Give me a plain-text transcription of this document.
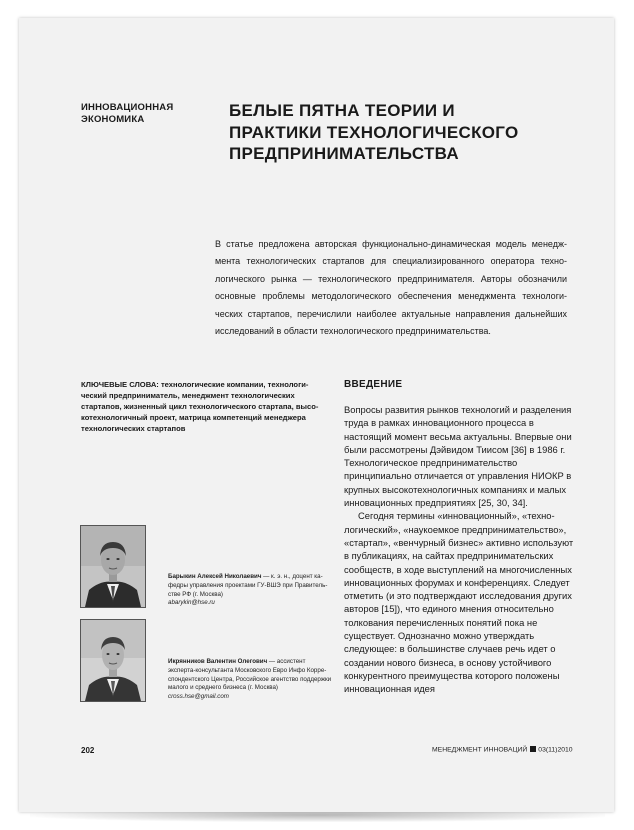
ИННОВАЦИОННАЯ
ЭКОНОМИКА	БЕЛЫЕ ПЯТНА ТЕОРИИ И
ПРАКТИКИ ТЕХНОЛОГИЧЕСКОГО
ПРЕДПРИНИМАТЕЛЬСТВА
В статье предложена авторская функционально-динамическая модель менеджмента технологических стартапов для специализированного оператора технологического рынка — технологического предпринимателя. Авторы обозначили основные проблемы методологического обеспечения менеджмента технологических стартапов, перечислили наиболее актуальные направления дальнейших исследований в области технологического предпринимательства.
КЛЮЧЕВЫЕ СЛОВА: технологические компании, технологический предприниматель, менеджмент технологических стартапов, жизненный цикл технологического стартапа, высокотехнологичный проект, матрица компетенций менеджера технологических стартапов
Барыкин Алексей Николаевич — к. э. н., доцент кафедры управления проектами ГУ-ВШЭ при Правительстве РФ (г. Москва)
abarykin@hse.ru
Икрянников Валентин Олегович — ассистент эксперта-консультанта Московского Евро Инфо Корреспондентского Центра, Российское агентство поддержки малого и среднего бизнеса (г. Москва)
cross.hse@gmail.com
ВВЕДЕНИЕ

Вопросы развития рынков технологий и разделения труда в рамках инновационного процесса в настоящий момент весьма актуальны. Впервые они были рассмотрены Дэйвидом Тиисом [36] в 1986 г. Технологическое предпринимательство принципиально отличается от управления НИОКР в крупных высокотехнологичных компаниях и малых инновационных предприятиях [25, 30, 34].

Сегодня термины «инновационный», «технологический», «наукоемкое предпринимательство», «стартап», «венчурный бизнес» активно используют в публикациях, на сайтах предпринимательских сообществ, в ходе выступлений на многочисленных инновационных форумах и конференциях. Следует отметить (и это подтверждают исследования других авторов [15]), что единого мнения относительно толкования перечисленных понятий пока не существует. Однозначно можно утверждать следующее: в большинстве случаев речь идет о создании нового бизнеса, в основу устойчивого конкурентного преимущества которого положены инновационная идея

202	МЕНЕДЖМЕНТ ИННОВАЦИЙ 03(11)2010
